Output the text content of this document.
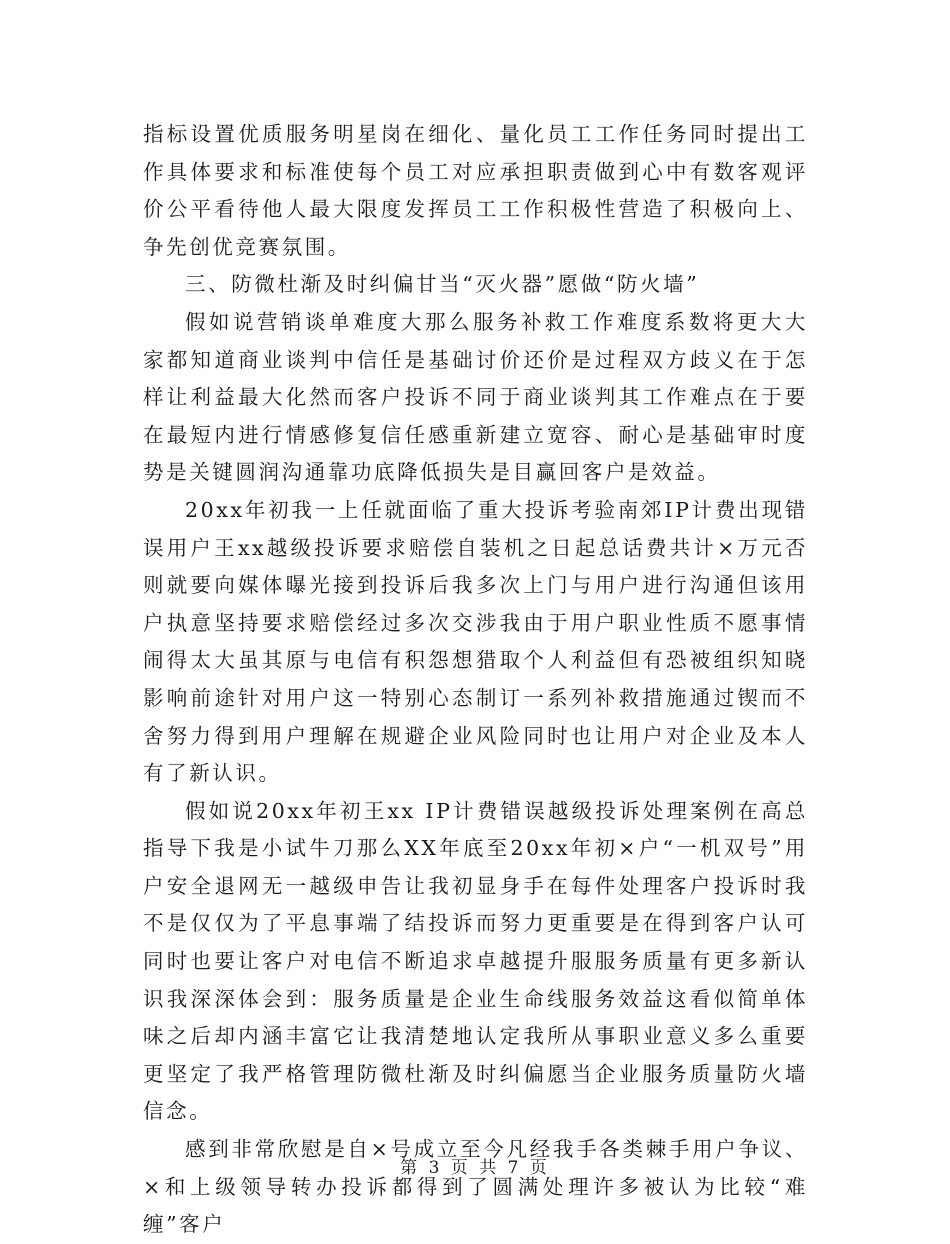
指标设置优质服务明星岗在细化、量化员工工作任务同时提出工作具体要求和标准使每个员工对应承担职责做到心中有数客观评价公平看待他人最大限度发挥员工工作积极性营造了积极向上、争先创优竞赛氛围。

三、防微杜渐及时纠偏甘当“灭火器”愿做“防火墙”

假如说营销谈单难度大那么服务补救工作难度系数将更大大家都知道商业谈判中信任是基础讨价还价是过程双方歧义在于怎样让利益最大化然而客户投诉不同于商业谈判其工作难点在于要在最短内进行情感修复信任感重新建立宽容、耐心是基础审时度势是关键圆润沟通靠功底降低损失是目赢回客户是效益。

20xx年初我一上任就面临了重大投诉考验南郊IP计费出现错误用户王xx越级投诉要求赔偿自装机之日起总话费共计×万元否则就要向媒体曝光接到投诉后我多次上门与用户进行沟通但该用户执意坚持要求赔偿经过多次交涉我由于用户职业性质不愿事情闹得太大虽其原与电信有积怨想猎取个人利益但有恐被组织知晓影响前途针对用户这一特别心态制订一系列补救措施通过锲而不舍努力得到用户理解在规避企业风险同时也让用户对企业及本人有了新认识。

假如说20xx年初王xx IP计费错误越级投诉处理案例在高总指导下我是小试牛刀那么XX年底至20xx年初×户“一机双号”用户安全退网无一越级申告让我初显身手在每件处理客户投诉时我不是仅仅为了平息事端了结投诉而努力更重要是在得到客户认可同时也要让客户对电信不断追求卓越提升服服务质量有更多新认识我深深体会到：服务质量是企业生命线服务效益这看似简单体味之后却内涵丰富它让我清楚地认定我所从事职业意义多么重要更坚定了我严格管理防微杜渐及时纠偏愿当企业服务质量防火墙信念。

感到非常欣慰是自×号成立至今凡经我手各类棘手用户争议、×和上级领导转办投诉都得到了圆满处理许多被认为比较“难缠”客户

第 3 页 共 7 页
